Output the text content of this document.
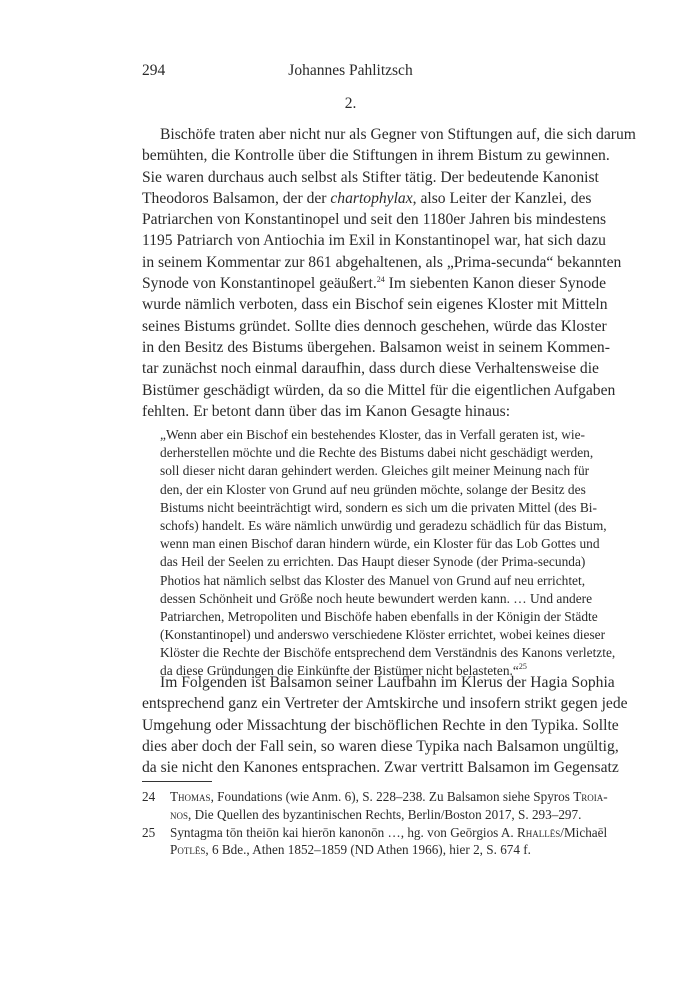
294	Johannes Pahlitzsch
2.
Bischöfe traten aber nicht nur als Gegner von Stiftungen auf, die sich darum
bemühten, die Kontrolle über die Stiftungen in ihrem Bistum zu gewinnen.
Sie waren durchaus auch selbst als Stifter tätig. Der bedeutende Kanonist
Theodoros Balsamon, der der chartophylax, also Leiter der Kanzlei, des
Patriarchen von Konstantinopel und seit den 1180er Jahren bis mindestens
1195 Patriarch von Antiochia im Exil in Konstantinopel war, hat sich dazu
in seinem Kommentar zur 861 abgehaltenen, als „Prima-secunda“ bekannten
Synode von Konstantinopel geäußert.$^{24}$ Im siebenten Kanon dieser Synode
wurde nämlich verboten, dass ein Bischof sein eigenes Kloster mit Mitteln
seines Bistums gründet. Sollte dies dennoch geschehen, würde das Kloster
in den Besitz des Bistums übergehen. Balsamon weist in seinem Kommen-
tar zunächst noch einmal daraufhin, dass durch diese Verhaltensweise die
Bistümer geschädigt würden, da so die Mittel für die eigentlichen Aufgaben
fehlten. Er betont dann über das im Kanon Gesagte hinaus:
„Wenn aber ein Bischof ein bestehendes Kloster, das in Verfall geraten ist, wie-
derherstellen möchte und die Rechte des Bistums dabei nicht geschädigt werden,
soll dieser nicht daran gehindert werden. Gleiches gilt meiner Meinung nach für
den, der ein Kloster von Grund auf neu gründen möchte, solange der Besitz des
Bistums nicht beeinträchtigt wird, sondern es sich um die privaten Mittel (des Bi-
schofs) handelt. Es wäre nämlich unwürdig und geradezu schädlich für das Bistum,
wenn man einen Bischof daran hindern würde, ein Kloster für das Lob Gottes und
das Heil der Seelen zu errichten. Das Haupt dieser Synode (der Prima-secunda)
Photios hat nämlich selbst das Kloster des Manuel von Grund auf neu errichtet,
dessen Schönheit und Größe noch heute bewundert werden kann. … Und andere
Patriarchen, Metropoliten und Bischöfe haben ebenfalls in der Königin der Städte
(Konstantinopel) und anderswo verschiedene Klöster errichtet, wobei keines dieser
Klöster die Rechte der Bischöfe entsprechend dem Verständnis des Kanons verletzte,
da diese Gründungen die Einkünfte der Bistümer nicht belasteten.“$^{25}$
Im Folgenden ist Balsamon seiner Laufbahn im Klerus der Hagia Sophia
entsprechend ganz ein Vertreter der Amtskirche und insofern strikt gegen jede
Umgehung oder Missachtung der bischöflichen Rechte in den Typika. Sollte
dies aber doch der Fall sein, so waren diese Typika nach Balsamon ungültig,
da sie nicht den Kanones entsprachen. Zwar vertritt Balsamon im Gegensatz
24 Thomas, Foundations (wie Anm. 6), S. 228–238. Zu Balsamon siehe Spyros Troia-
nos, Die Quellen des byzantinischen Rechts, Berlin/Boston 2017, S. 293–297.
25 Syntagma tōn theiōn kai hierōn kanonōn …, hg. von Geōrgios A. Rhallēs/Michaēl
Potlēs, 6 Bde., Athen 1852–1859 (ND Athen 1966), hier 2, S. 674 f.
